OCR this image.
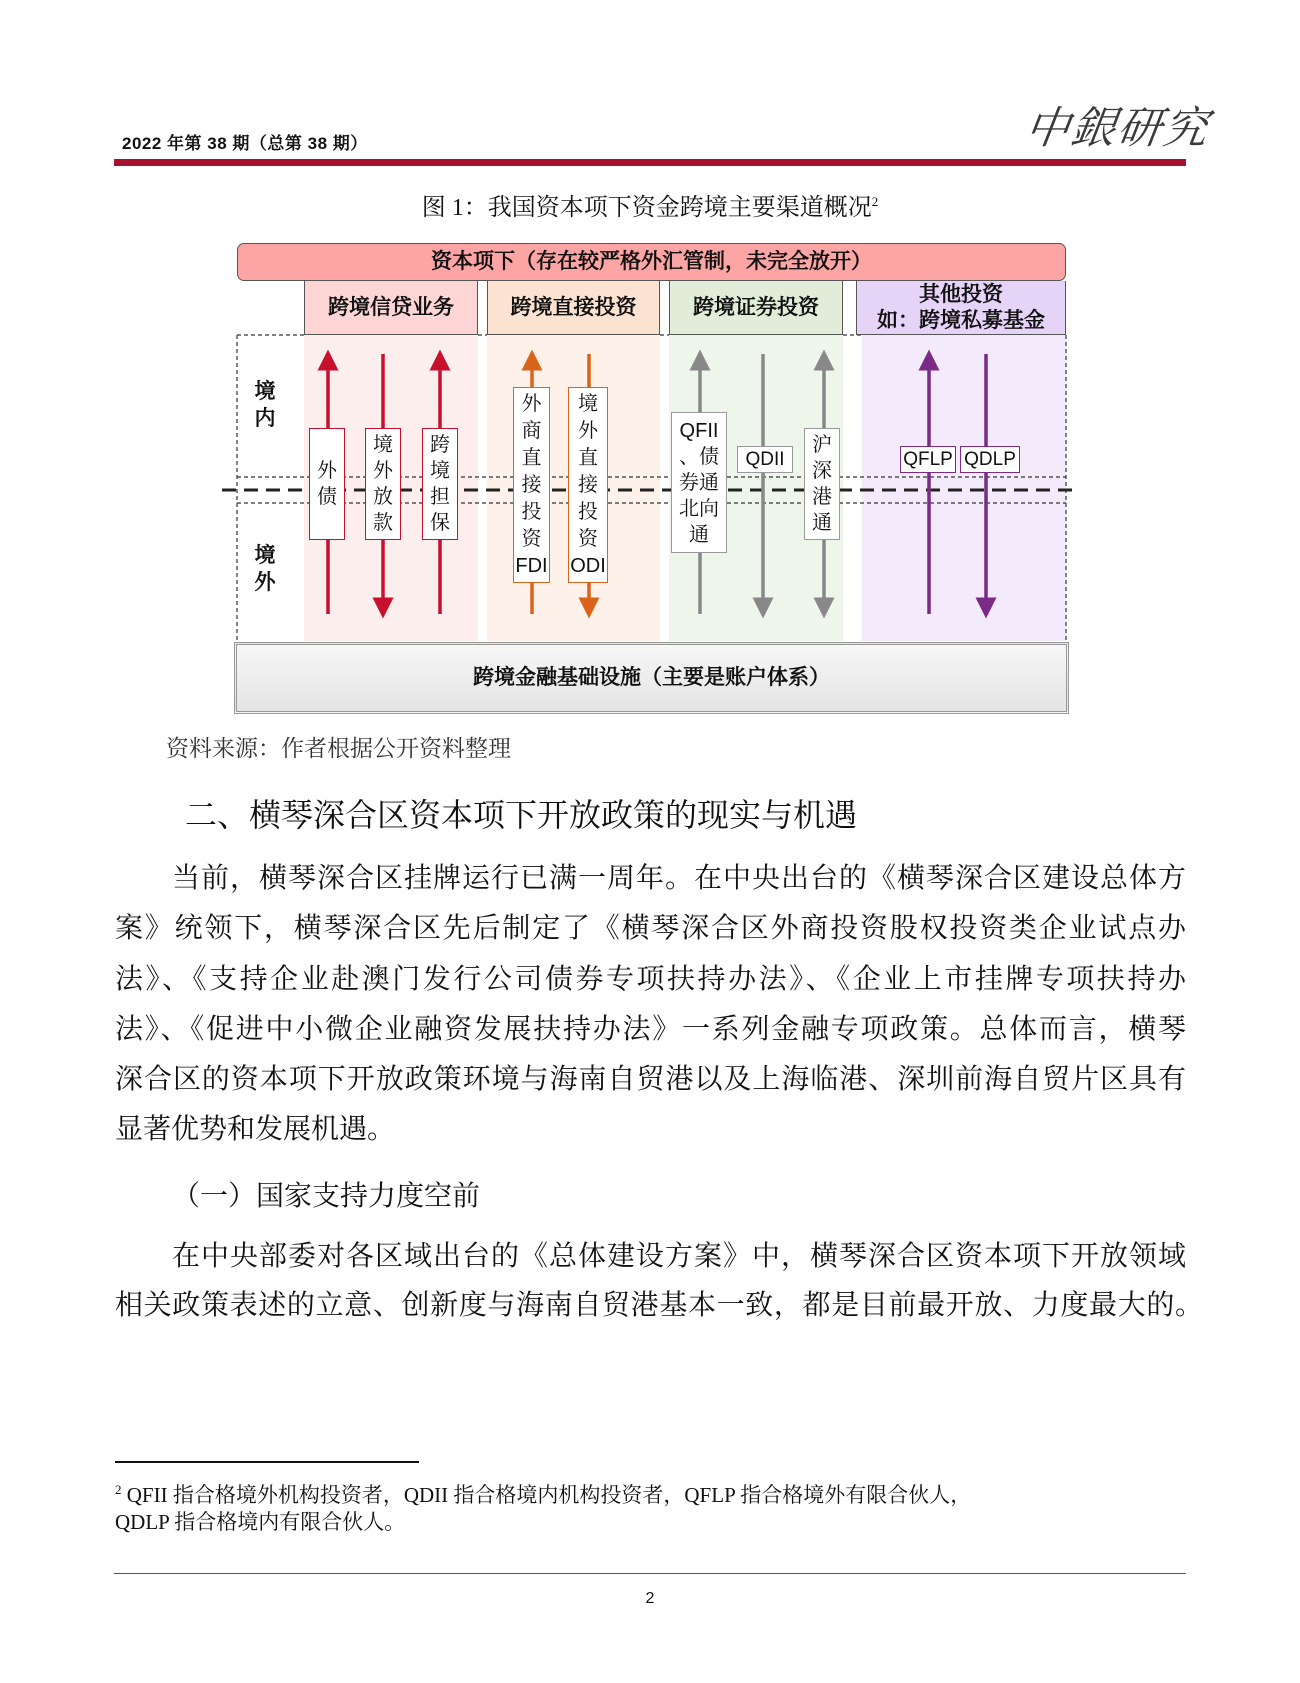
2022 年第 38 期（总第 38 期）	中銀研究
图 1：我国资本项下资金跨境主要渠道概况$^2$
资本项下（存在较严格外汇管制，未完全放开）
跨境信贷业务	跨境直接投资	跨境证券投资
其他投资
如：跨境私募基金
境
内
境
外
外
债
境
外
放
款
跨
境
担
保
外
商
直
接
投
资
FDI
境
外
直
接
投
资
ODI
QFII
、债
券通
北向
通
QDII
沪
深
港
通
QFLP QDLP
跨境金融基础设施（主要是账户体系）
资料来源：作者根据公开资料整理
二、横琴深合区资本项下开放政策的现实与机遇
当前，横琴深合区挂牌运行已满一周年。在中央出台的《横琴深合区建设总体方
案》统领下，横琴深合区先后制定了《横琴深合区外商投资股权投资类企业试点办
法》、《支持企业赴澳门发行公司债券专项扶持办法》、《企业上市挂牌专项扶持办
法》、《促进中小微企业融资发展扶持办法》一系列金融专项政策。总体而言，横琴
深合区的资本项下开放政策环境与海南自贸港以及上海临港、深圳前海自贸片区具有
显著优势和发展机遇。
（一）国家支持力度空前
在中央部委对各区域出台的《总体建设方案》中，横琴深合区资本项下开放领域
相关政策表述的立意、创新度与海南自贸港基本一致，都是目前最开放、力度最大的。
$^2$ QFII 指合格境外机构投资者，QDII 指合格境内机构投资者，QFLP 指合格境外有限合伙人，
QDLP 指合格境内有限合伙人。
2
